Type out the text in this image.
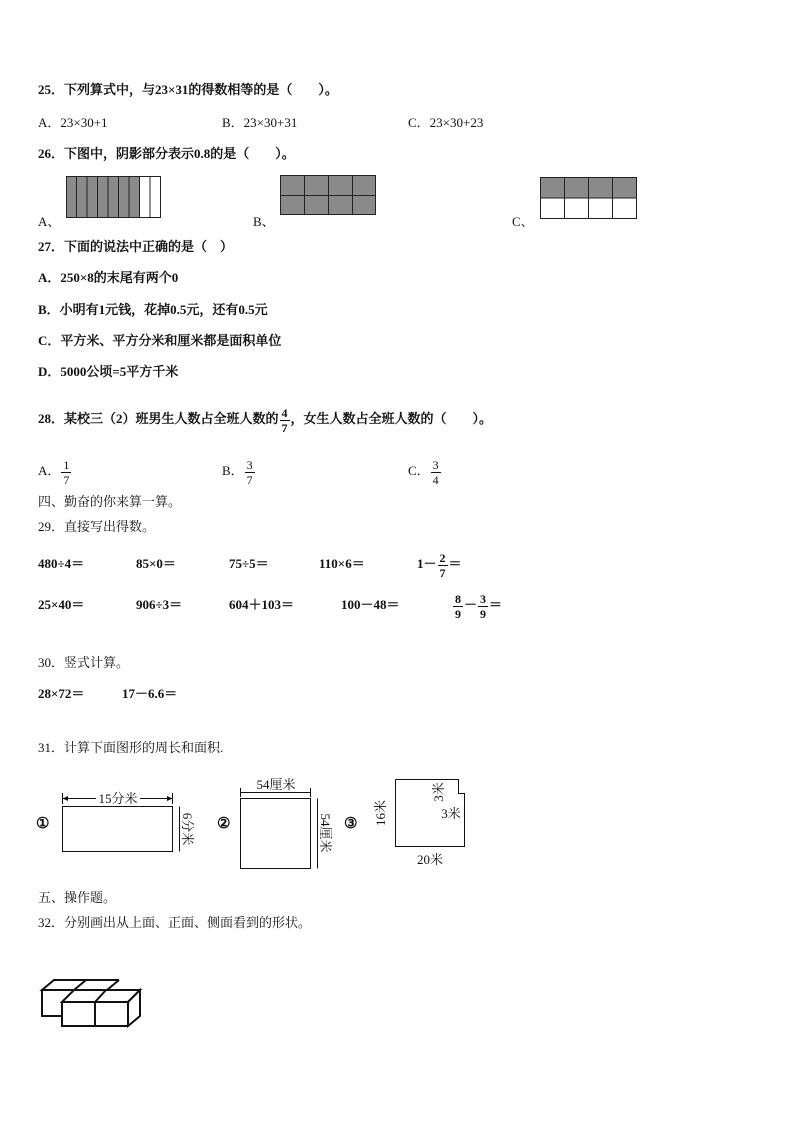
25．下列算式中，与23×31的得数相等的是（　　）。
A．23×30+1	B．23×30+31	C．23×30+23
26．下图中，阴影部分表示0.8的是（　　）。
A、	B、	C、
27．下面的说法中正确的是（　）
A．250×8的末尾有两个0
B．小明有1元钱，花掉0.5元，还有0.5元
C．平方米、平方分米和厘米都是面积单位
D．5000公顷=5平方千米
28．某校三（2）班男生人数占全班人数的 $\frac{4}{7}$ ，女生人数占全班人数的（　　）。
A． $\frac{1}{7}$	B． $\frac{3}{7}$	C． $\frac{3}{4}$
四、勤奋的你来算一算。
29．直接写出得数。
480÷4＝	85×0＝	75÷5＝	110×6＝	$1- \frac{2}{7}$ ＝
25×40＝	906÷3＝	604＋103＝	100－48＝	$\frac{8}{9} - \frac{3}{9}$ ＝
30．竖式计算。
28×72＝	17－6.6＝
31．计算下面图形的周长和面积.
①
15分米
6分米 ②
54厘米
54厘米 ③ 16米
20米
3米
3米
五、操作题。
32．分别画出从上面、正面、侧面看到的形状。
